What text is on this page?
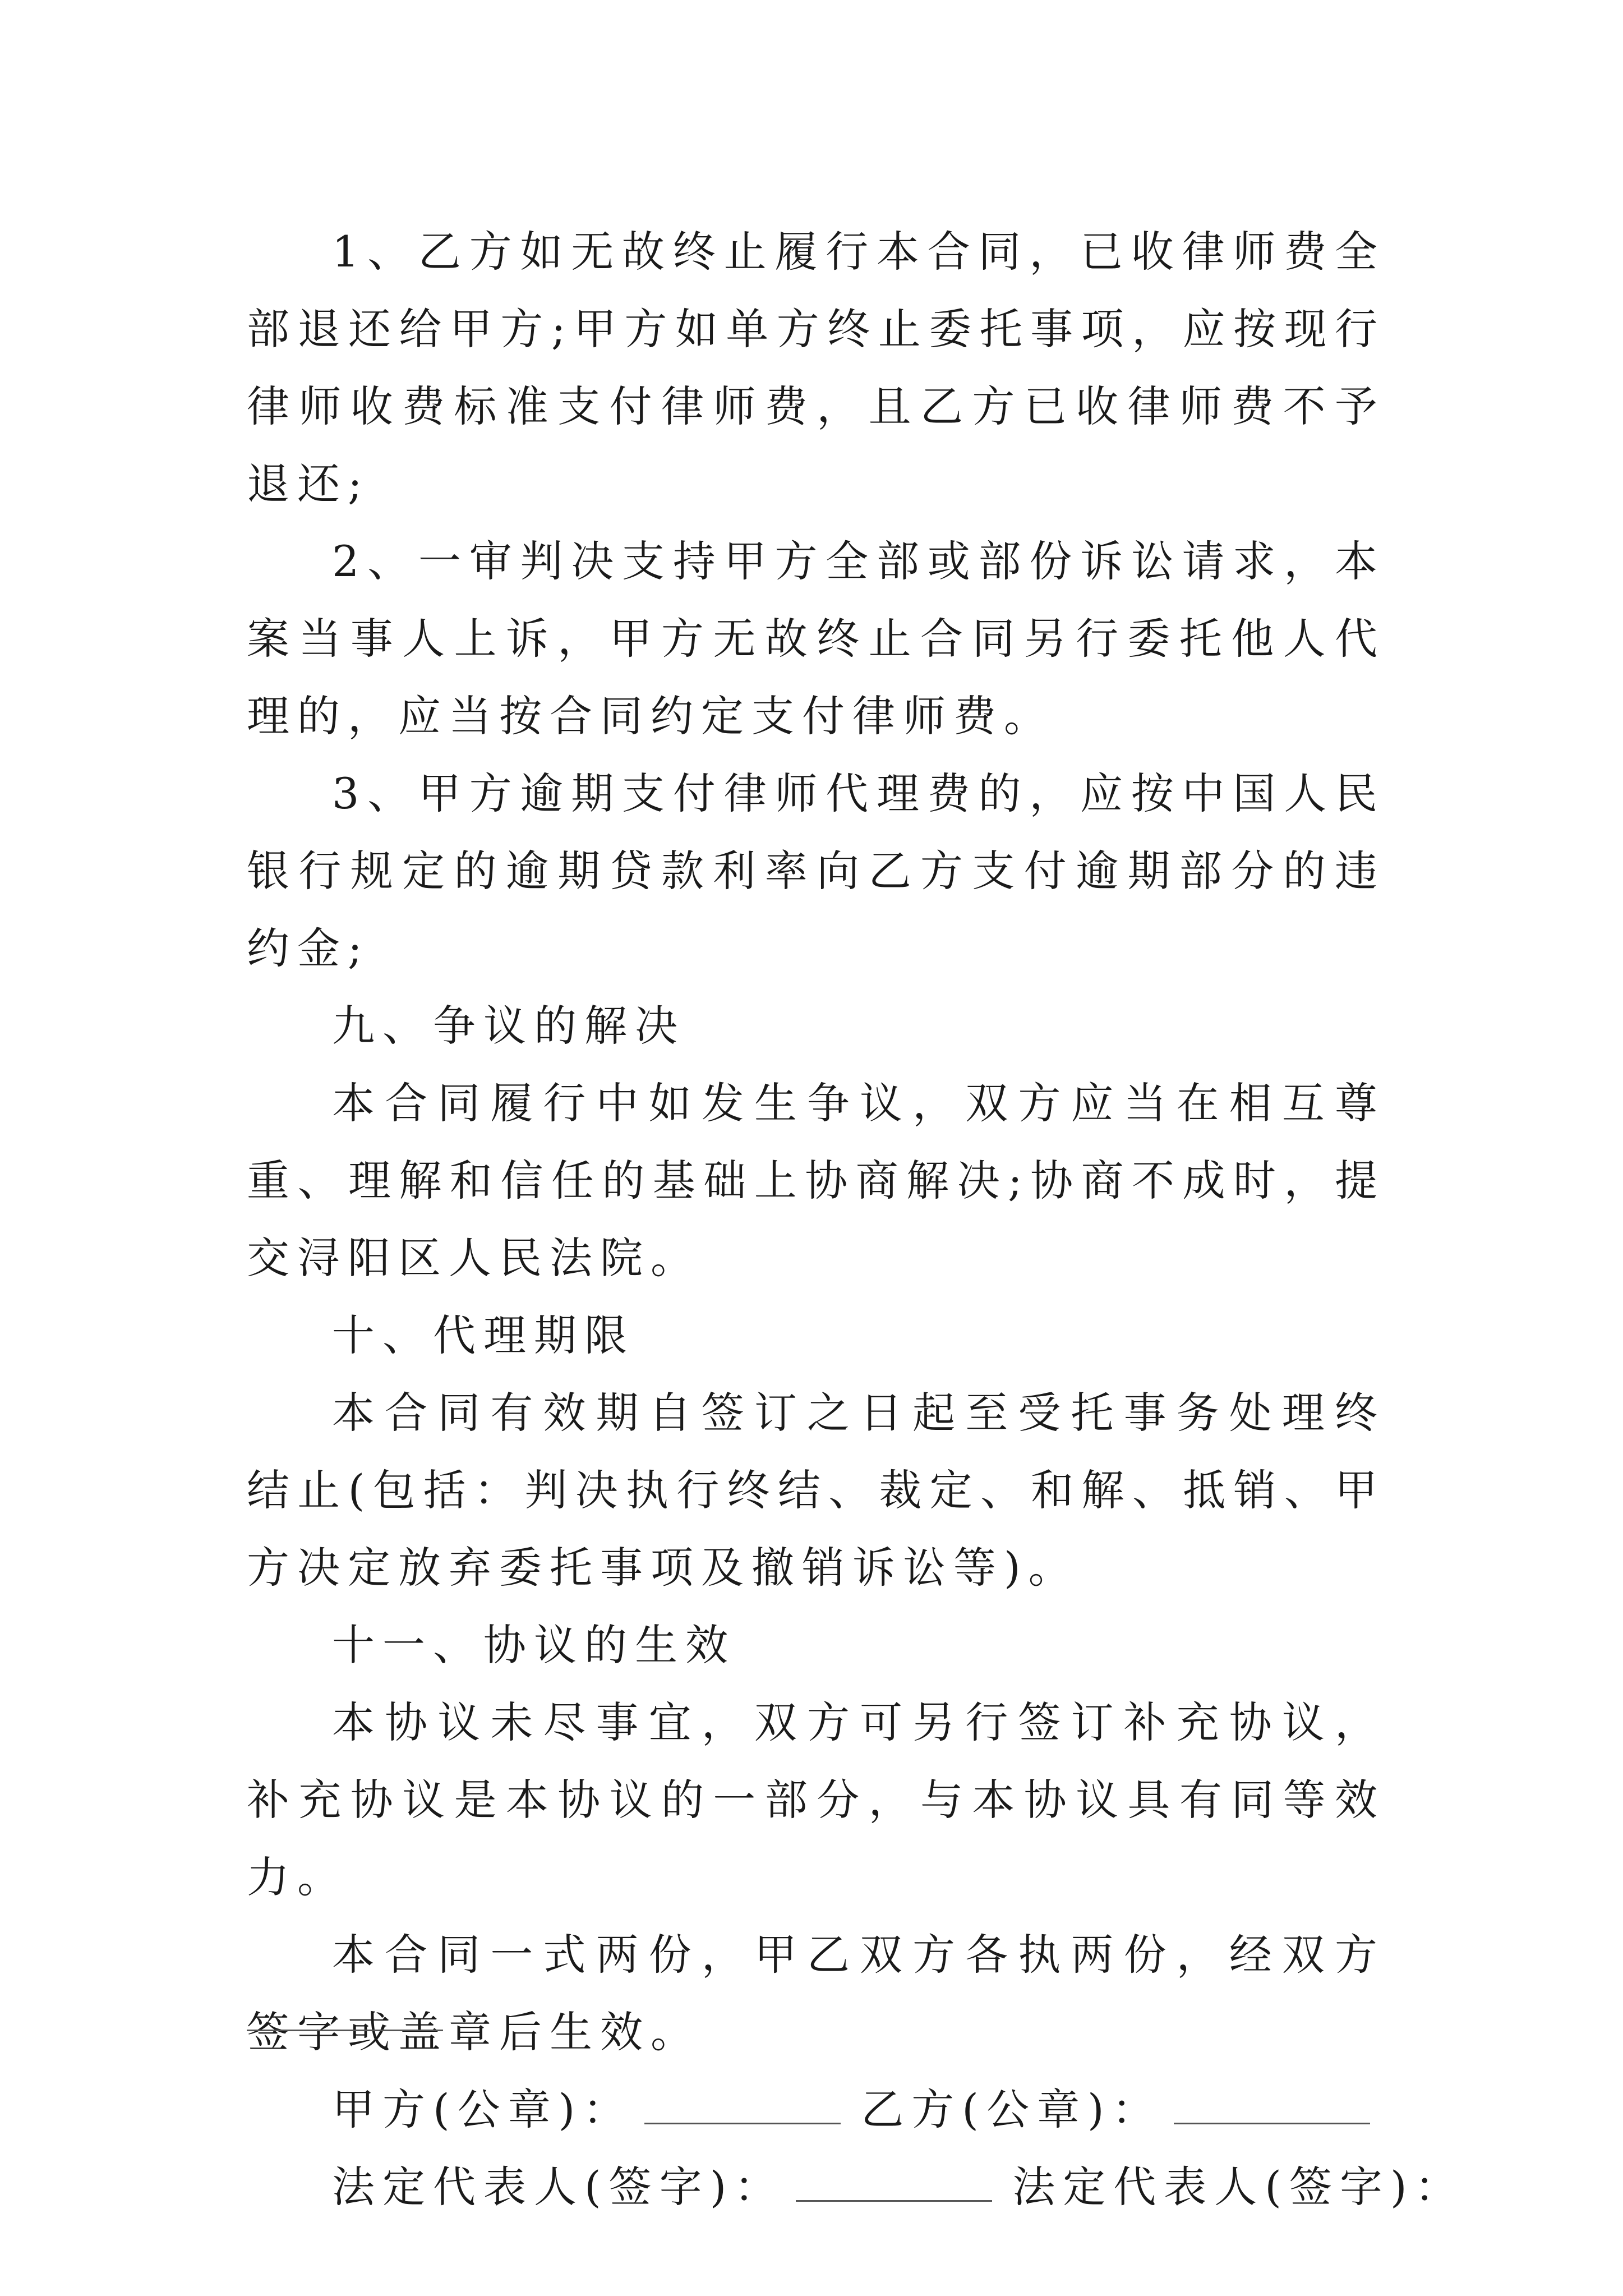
1、乙方如无故终止履行本合同，已收律师费全部退还给甲方;甲方如单方终止委托事项，应按现行律师收费标准支付律师费，且乙方已收律师费不予退还;

2、一审判决支持甲方全部或部份诉讼请求，本案当事人上诉，甲方无故终止合同另行委托他人代理的，应当按合同约定支付律师费。

3、甲方逾期支付律师代理费的，应按中国人民银行规定的逾期贷款利率向乙方支付逾期部分的违约金;

九、争议的解决

本合同履行中如发生争议，双方应当在相互尊重、理解和信任的基础上协商解决;协商不成时，提交浔阳区人民法院。

十、代理期限

本合同有效期自签订之日起至受托事务处理终结止(包括：判决执行终结、裁定、和解、抵销、甲方决定放弃委托事项及撤销诉讼等)。

十一、协议的生效

本协议未尽事宜，双方可另行签订补充协议，补充协议是本协议的一部分，与本协议具有同等效力。

本合同一式两份，甲乙双方各执两份，经双方签字或盖章后生效。

甲方(公章)：	乙方(公章)：

法定代表人(签字)：	法定代表人(签字)：
